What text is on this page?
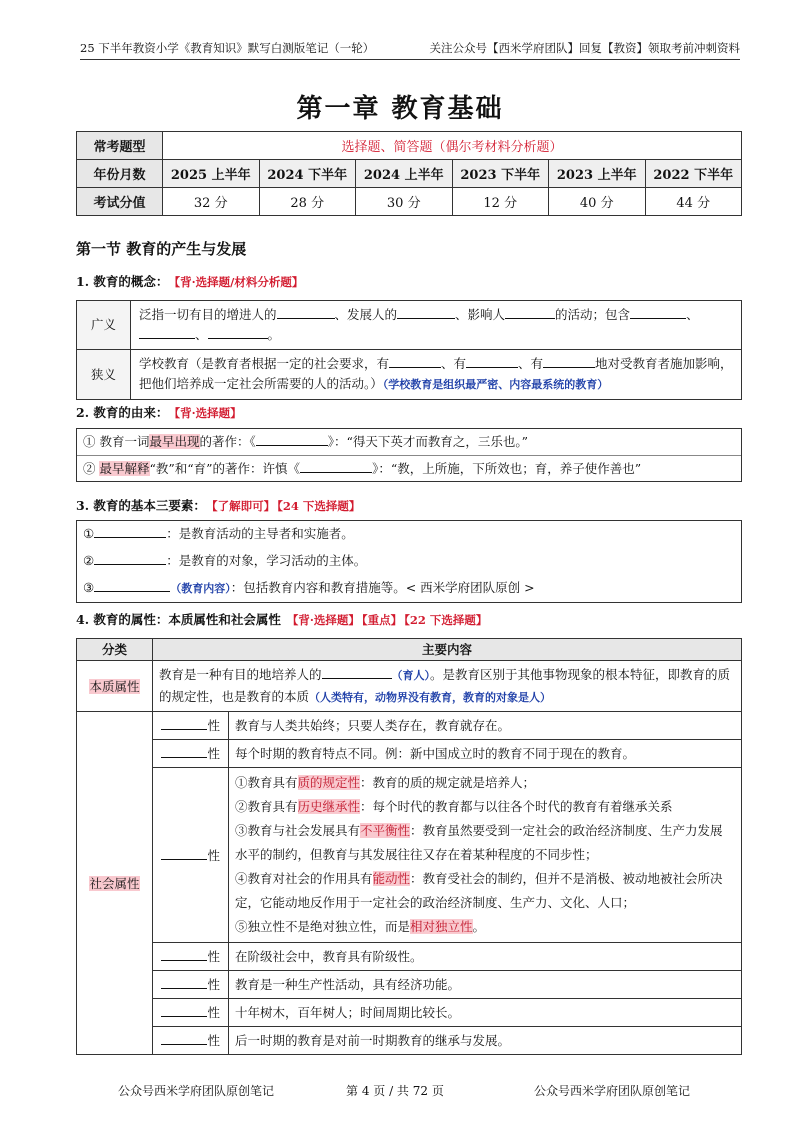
25 下半年教资小学《教育知识》默写白测版笔记（一轮）	关注公众号【西米学府团队】回复【教资】领取考前冲刺资料
第一章 教育基础
常考题型	选择题、简答题（偶尔考材料分析题）					
年份月数	2025 上半年	2024 下半年	2024 上半年	2023 下半年	2023 上半年	2022 下半年
考试分值	32 分	28 分	30 分	12 分	40 分	44 分
第一节 教育的产生与发展
1. 教育的概念： 【背·选择题/材料分析题】
广义	泛指一切有目的增进人的 、发展人的 、影响人 的活动；包含 、
、 。
狭义	学校教育（是教育者根据一定的社会要求，有 、有 、有 地对受教育者施加影响，把他们培养成一定社会所需要的人的活动。）（学校教育是组织最严密、内容最系统的教育）
2. 教育的由来： 【背·选择题】
① 教育一词最早出现的著作：《	》：“得天下英才而教育之，三乐也。”
② 最早解释“教”和“育”的著作：许慎《	》：“教，上所施，下所效也；育，养子使作善也”
3. 教育的基本三要素： 【了解即可】 【24 下选择题】
①	：是教育活动的主导者和实施者。
②	：是教育的对象，学习活动的主体。
③	（教育内容）：包括教育内容和教育措施等。< 西米学府团队原创 >
4. 教育的属性：本质属性和社会属性 【背·选择题】 【重点】 【22 下选择题】
分类	主要内容	
本质属性	教育是一种有目的地培养人的 （育人）。是教育区别于其他事物现象的根本特征，即教育的质的规定性，也是教育的本质（人类特有，动物界没有教育，教育的对象是人）	
社会属性	性	教育与人类共始终；只要人类存在，教育就存在。
	性	每个时期的教育特点不同。例：新中国成立时的教育不同于现在的教育。
	性	①教育具有质的规定性：教育的质的规定就是培养人；
②教育具有历史继承性：每个时代的教育都与以往各个时代的教育有着继承关系
③教育与社会发展具有不平衡性：教育虽然要受到一定社会的政治经济制度、生产力发展水平的制约，但教育与其发展往往又存在着某种程度的不同步性；
④教育对社会的作用具有能动性：教育受社会的制约，但并不是消极、被动地被社会所决定，它能动地反作用于一定社会的政治经济制度、生产力、文化、人口；
⑤独立性不是绝对独立性，而是相对独立性。

	性	在阶级社会中，教育具有阶级性。
	性	教育是一种生产性活动，具有经济功能。
	性	十年树木，百年树人；时间周期比较长。
	性	后一时期的教育是对前一时期教育的继承与发展。
公众号西米学府团队原创笔记	第 4 页 / 共 72 页	公众号西米学府团队原创笔记
